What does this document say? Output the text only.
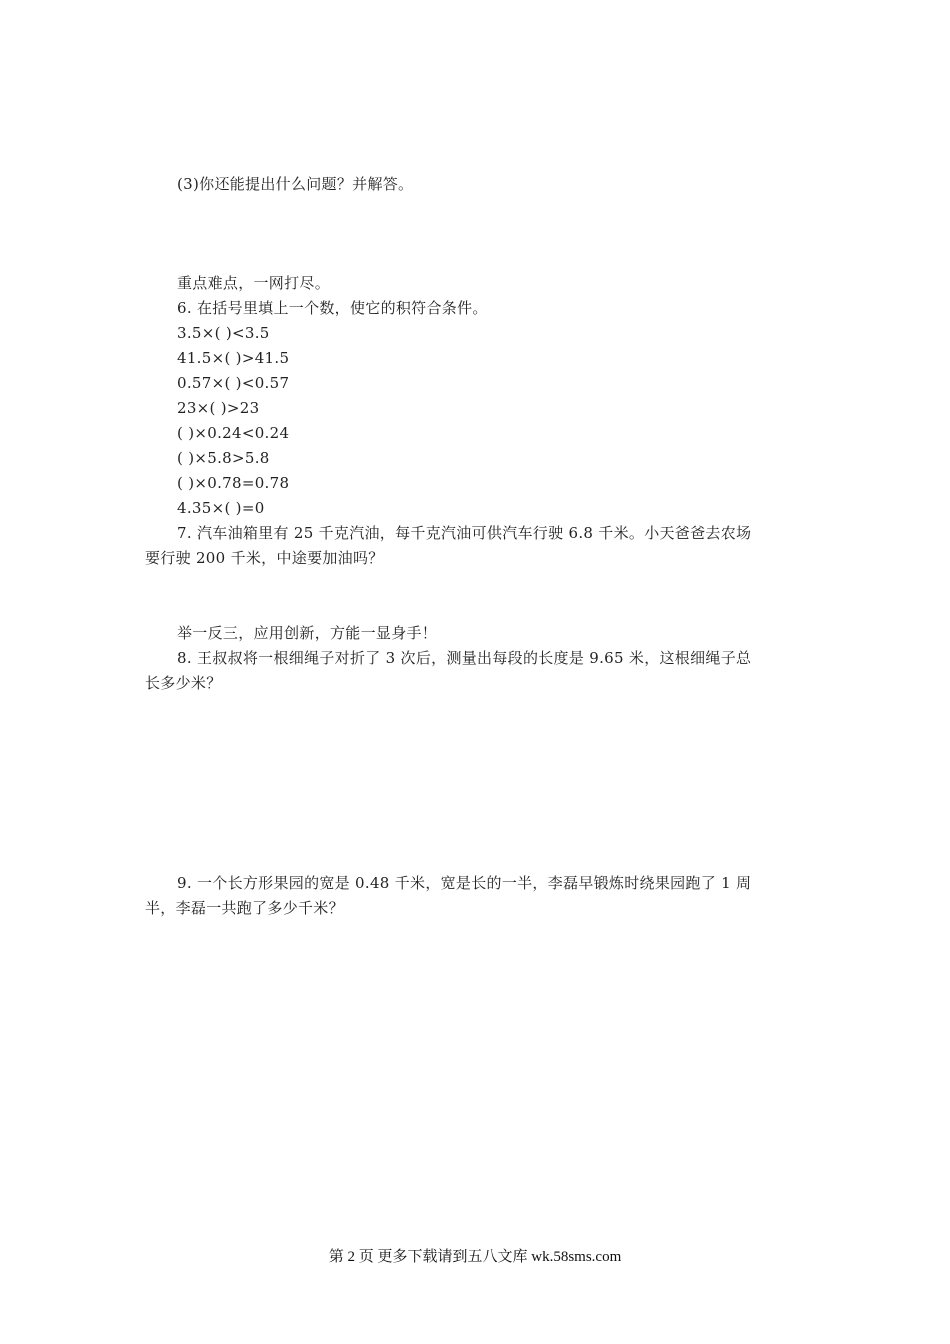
(3)你还能提出什么问题？并解答。
重点难点，一网打尽。
6. 在括号里填上一个数，使它的积符合条件。
3.5×( )<3.5
41.5×( )>41.5
0.57×( )<0.57
23×( )>23
( )×0.24<0.24
( )×5.8>5.8
( )×0.78=0.78
4.35×( )=0
7. 汽车油箱里有 25 千克汽油，每千克汽油可供汽车行驶 6.8 千米。小天爸爸去农场
要行驶 200 千米，中途要加油吗？
举一反三，应用创新，方能一显身手！
8. 王叔叔将一根细绳子对折了 3 次后，测量出每段的长度是 9.65 米，这根细绳子总
长多少米？
9. 一个长方形果园的宽是 0.48 千米，宽是长的一半，李磊早锻炼时绕果园跑了 1 周
半，李磊一共跑了多少千米？
第 2 页 更多下载请到五八文库 wk.58sms.com
